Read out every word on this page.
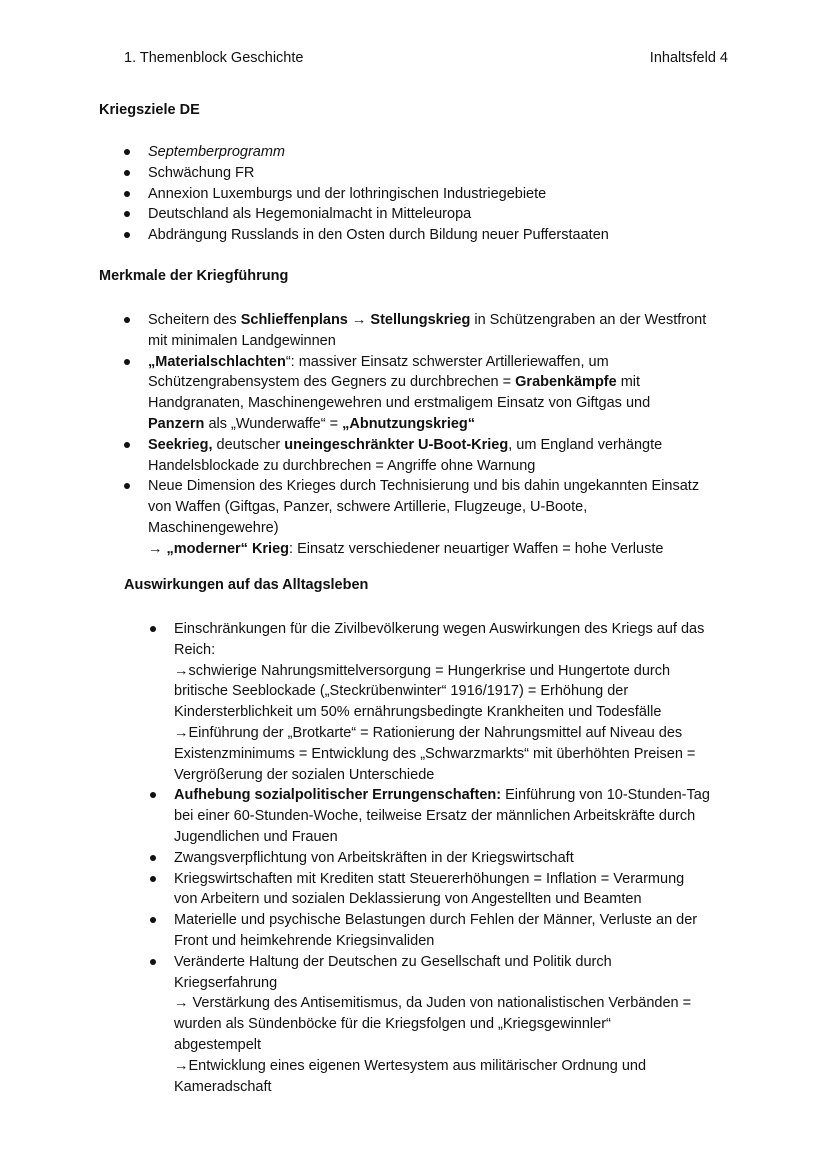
1. Themenblock Geschichte	Inhaltsfeld 4
Kriegsziele DE
Septemberprogramm
Schwächung FR
Annexion Luxemburgs und der lothringischen Industriegebiete
Deutschland als Hegemonialmacht in Mitteleuropa
Abdrängung Russlands in den Osten durch Bildung neuer Pufferstaaten
Merkmale der Kriegführung
Scheitern des Schlieffenplans → Stellungskrieg in Schützengraben an der Westfront
mit minimalen Landgewinnen
„Materialschlachten“: massiver Einsatz schwerster Artilleriewaffen, um
Schützengrabensystem des Gegners zu durchbrechen = Grabenkämpfe mit
Handgranaten, Maschinengewehren und erstmaligem Einsatz von Giftgas und
Panzern als „Wunderwaffe“ = „Abnutzungskrieg“
Seekrieg, deutscher uneingeschränkter U-Boot-Krieg, um England verhängte
Handelsblockade zu durchbrechen = Angriffe ohne Warnung
Neue Dimension des Krieges durch Technisierung und bis dahin ungekannten Einsatz
von Waffen (Giftgas, Panzer, schwere Artillerie, Flugzeuge, U-Boote,
Maschinengewehre)
→ „moderner“ Krieg: Einsatz verschiedener neuartiger Waffen = hohe Verluste
Auswirkungen auf das Alltagsleben
Einschränkungen für die Zivilbevölkerung wegen Auswirkungen des Kriegs auf das
Reich:
→schwierige Nahrungsmittelversorgung = Hungerkrise und Hungertote durch
britische Seeblockade („Steckrübenwinter“ 1916/1917) = Erhöhung der
Kindersterblichkeit um 50% ernährungsbedingte Krankheiten und Todesfälle
→Einführung der „Brotkarte“ = Rationierung der Nahrungsmittel auf Niveau des
Existenzminimums = Entwicklung des „Schwarzmarkts“ mit überhöhten Preisen =
Vergrößerung der sozialen Unterschiede
Aufhebung sozialpolitischer Errungenschaften: Einführung von 10-Stunden-Tag
bei einer 60-Stunden-Woche, teilweise Ersatz der männlichen Arbeitskräfte durch
Jugendlichen und Frauen
Zwangsverpflichtung von Arbeitskräften in der Kriegswirtschaft
Kriegswirtschaften mit Krediten statt Steuererhöhungen = Inflation = Verarmung
von Arbeitern und sozialen Deklassierung von Angestellten und Beamten
Materielle und psychische Belastungen durch Fehlen der Männer, Verluste an der
Front und heimkehrende Kriegsinvaliden
Veränderte Haltung der Deutschen zu Gesellschaft und Politik durch
Kriegserfahrung
→ Verstärkung des Antisemitismus, da Juden von nationalistischen Verbänden =
wurden als Sündenböcke für die Kriegsfolgen und „Kriegsgewinnler“
abgestempelt
→Entwicklung eines eigenen Wertesystem aus militärischer Ordnung und
Kameradschaft
